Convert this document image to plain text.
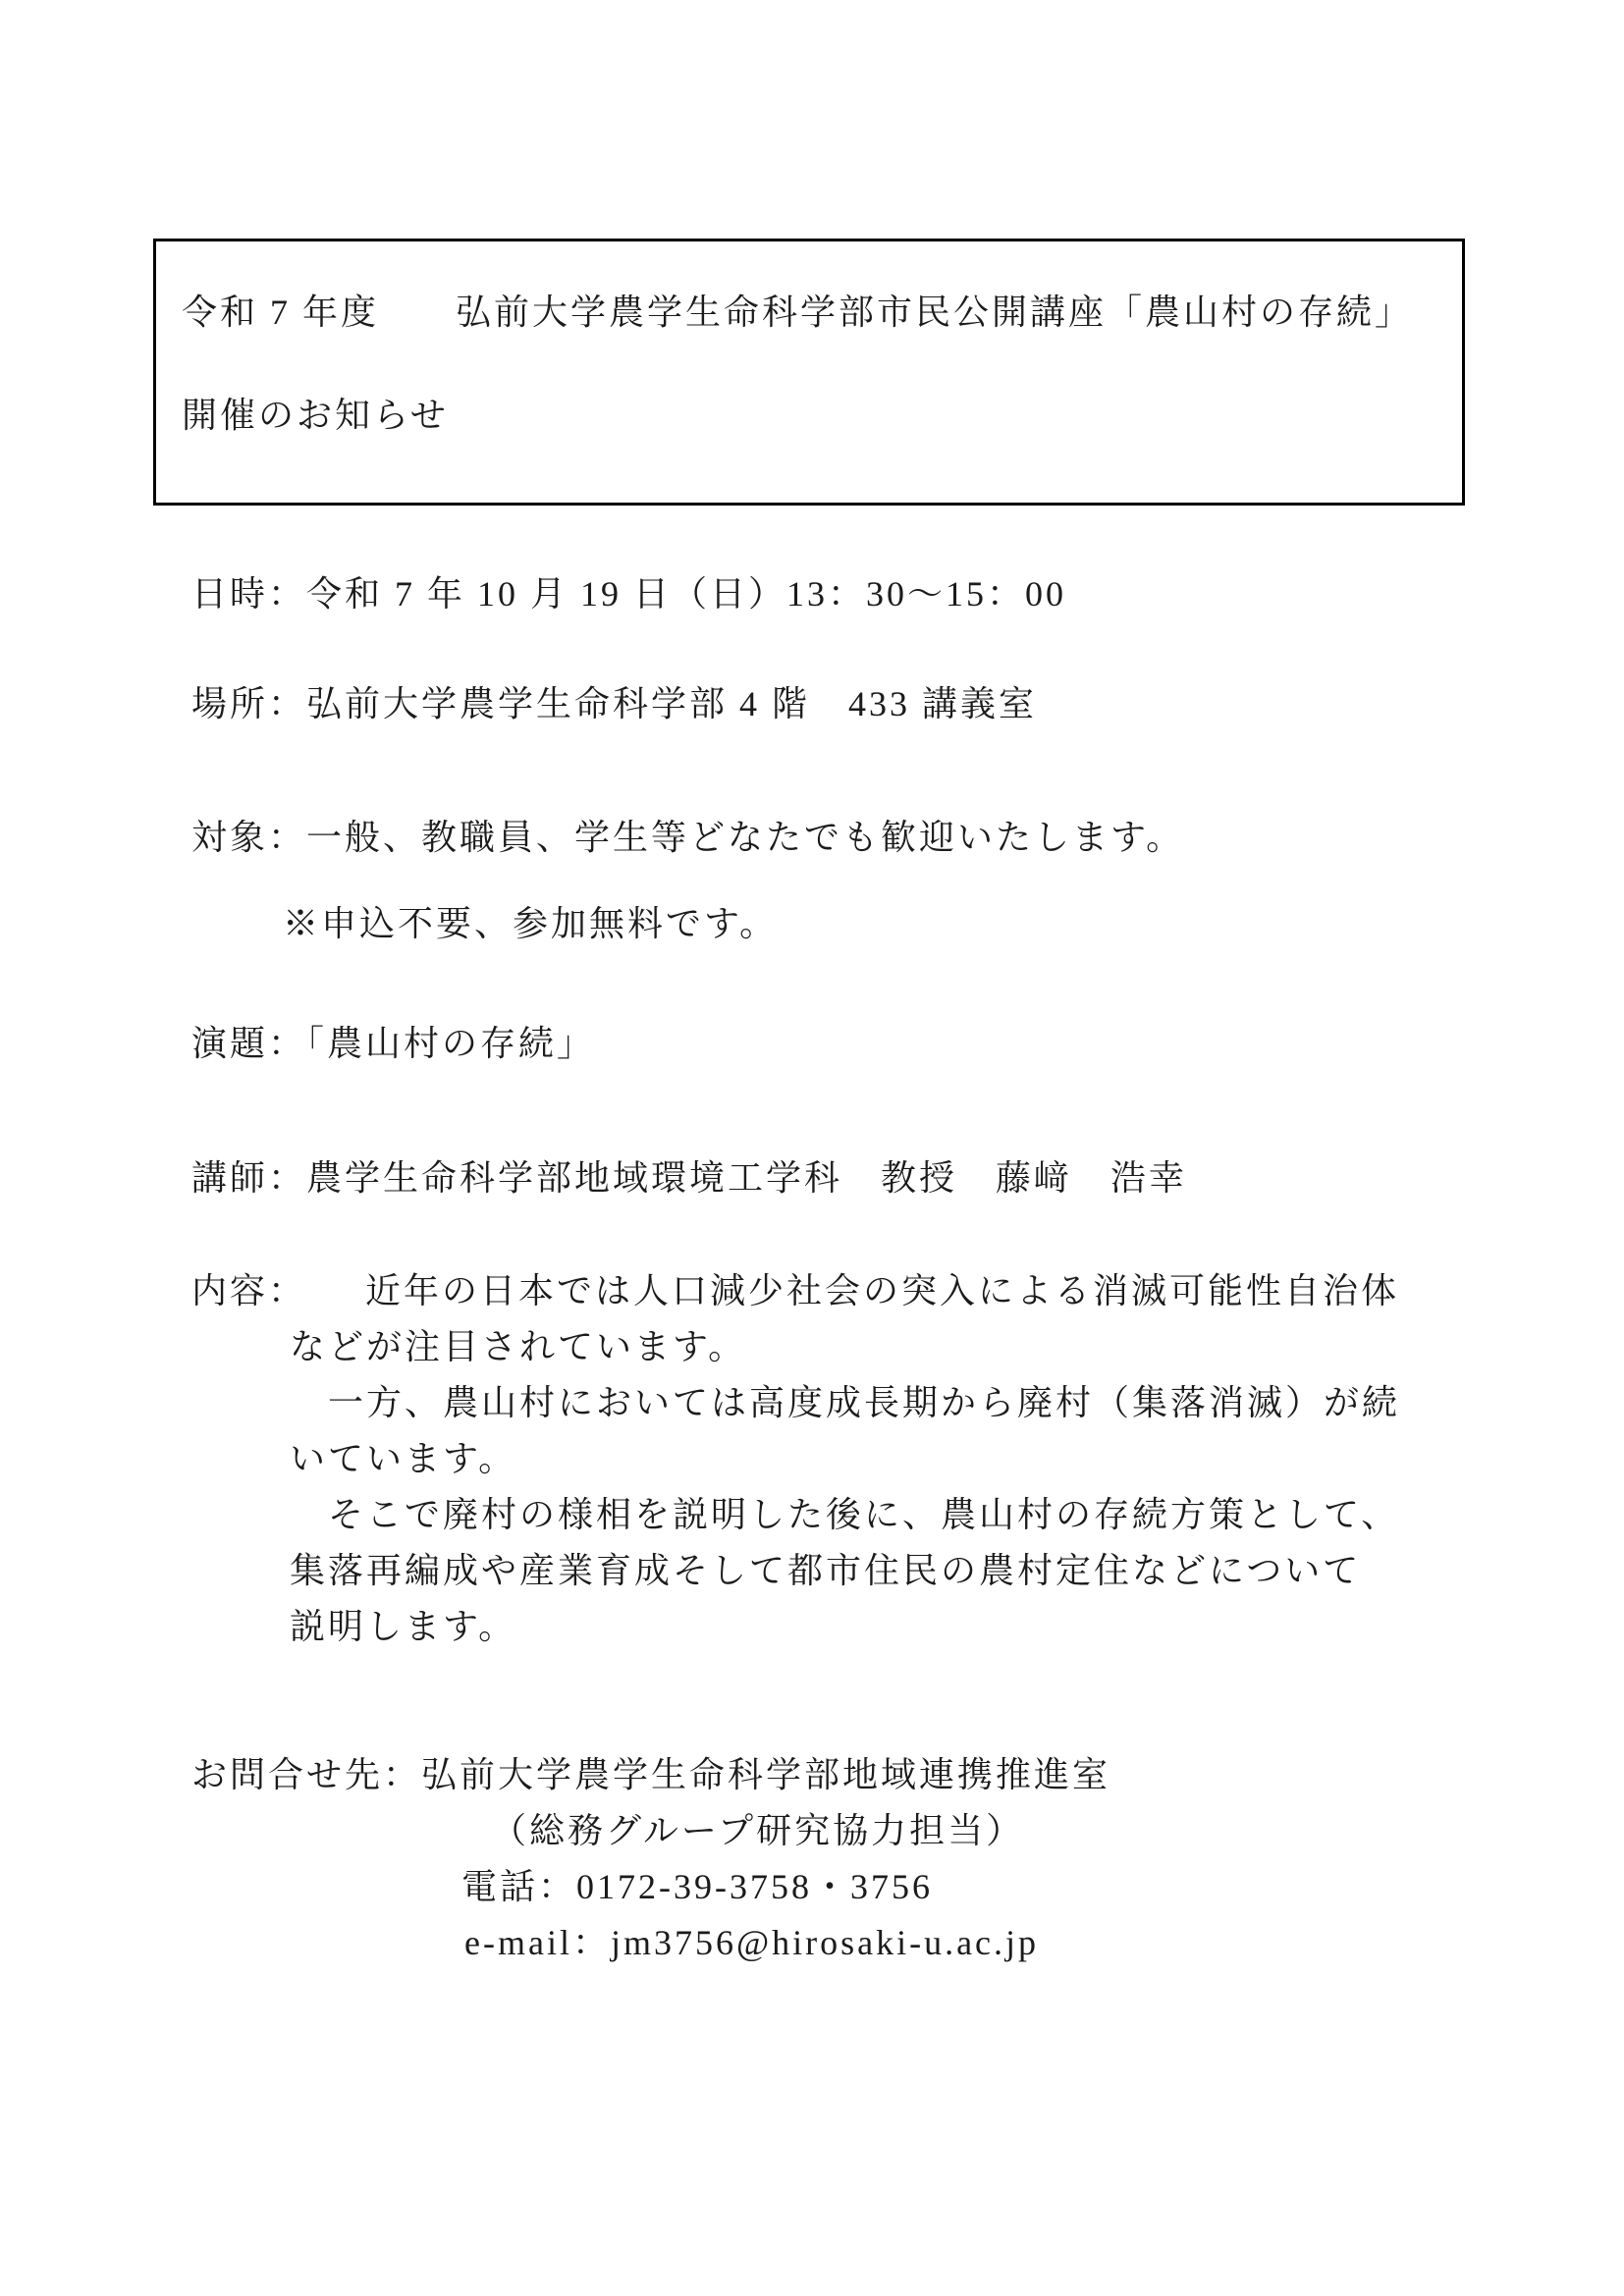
令和 7 年度　　弘前大学農学生命科学部市民公開講座「農山村の存続」
開催のお知らせ
日時：令和 7 年 10 月 19 日（日）13：30～15：00
場所：弘前大学農学生命科学部 4 階　433 講義室
対象：一般、教職員、学生等どなたでも歓迎いたします。
※申込不要、参加無料です。
演題：「農山村の存続」
講師：農学生命科学部地域環境工学科　教授　藤﨑　浩幸
内容：　　近年の日本では人口減少社会の突入による消滅可能性自治体
などが注目されています。
　一方、農山村においては高度成長期から廃村（集落消滅）が続
いています。
　そこで廃村の様相を説明した後に、農山村の存続方策として、
集落再編成や産業育成そして都市住民の農村定住などについて
説明します。
お問合せ先：弘前大学農学生命科学部地域連携推進室
（総務グループ研究協力担当）
電話：0172-39-3758・3756
e-mail：jm3756@hirosaki-u.ac.jp
